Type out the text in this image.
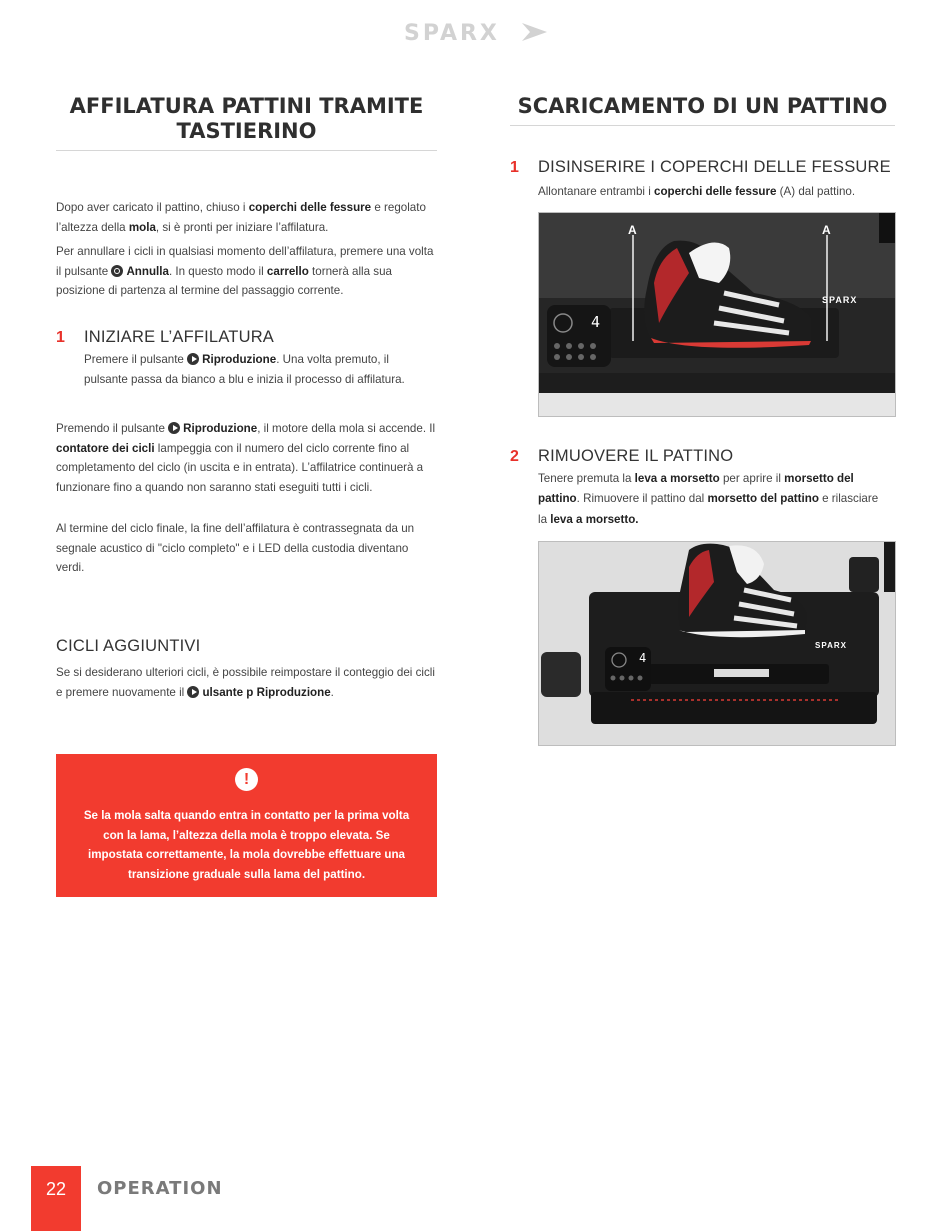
SPARX
AFFILATURA PATTINI TRAMITE
TASTIERINO

Dopo aver caricato il pattino, chiuso i coperchi delle fessure e regolato l’altezza della mola, si è pronti per iniziare l’affilatura.

Per annullare i cicli in qualsiasi momento dell’affilatura, premere una volta il pulsante Annulla. In questo modo il carrello tornerà alla sua posizione di partenza al termine del passaggio corrente.

1	INIZIARE L’AFFILATURA

Premere il pulsante Riproduzione. Una volta premuto, il pulsante passa da bianco a blu e inizia il processo di affilatura.

Premendo il pulsante Riproduzione, il motore della mola si accende. Il contatore dei cicli lampeggia con il numero del ciclo corrente fino al completamento del ciclo (in uscita e in entrata). L’affilatrice continuerà a funzionare fino a quando non saranno stati eseguiti tutti i cicli.

Al termine del ciclo finale, la fine dell’affilatura è contrassegnata da un segnale acustico di "ciclo completo" e i LED della custodia diventano verdi.

CICLI AGGIUNTIVI

Se si desiderano ulteriori cicli, è possibile reimpostare il conteggio dei cicli e premere nuovamente il ulsante p Riproduzione.

!

Se la mola salta quando entra in contatto per la prima volta con la lama, l’altezza della mola è troppo elevata. Se impostata correttamente, la mola dovrebbe effettuare una transizione graduale sulla lama del pattino.

SCARICAMENTO DI UN PATTINO
1	DISINSERIRE I COPERCHI DELLE FESSURE

Allontanare entrambi i coperchi delle fessure (A) dal pattino.

2	RIMUOVERE IL PATTINO

Tenere premuta la leva a morsetto per aprire il morsetto del pattino. Rimuovere il pattino dal morsetto del pattino e rilasciare la leva a morsetto.

A	A
4
SPARX
4
SPARX
22	OPERATION
